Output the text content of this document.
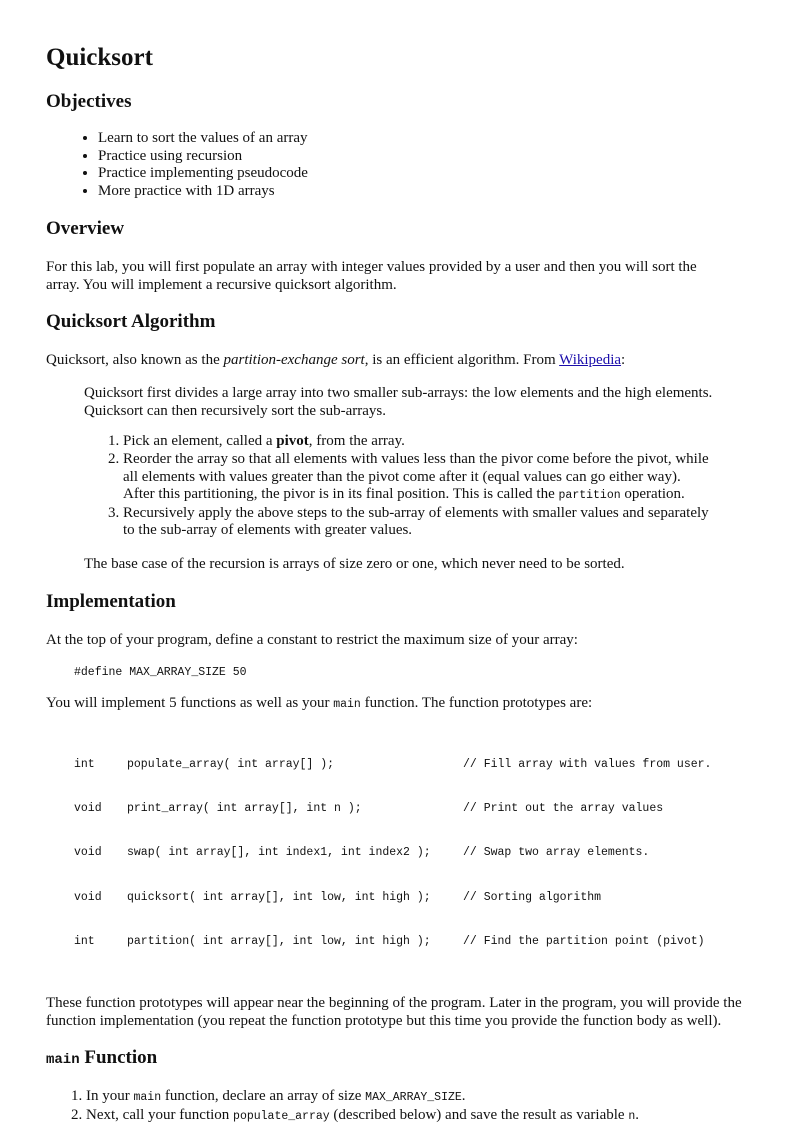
Quicksort
Objectives
• Learn to sort the values of an array
• Practice using recursion
• Practice implementing pseudocode
• More practice with 1D arrays
Overview

For this lab, you will first populate an array with integer values provided by a user and then you will sort the array. You will implement a recursive quicksort algorithm.

Quicksort Algorithm

Quicksort, also known as the partition-exchange sort, is an efficient algorithm. From Wikipedia:

Quicksort first divides a large array into two smaller sub-arrays: the low elements and the high elements. Quicksort can then recursively sort the sub-arrays.

1. Pick an element, called a pivot, from the array.
2. Reorder the array so that all elements with values less than the pivor come before the pivot, while all elements with values greater than the pivot come after it (equal values can go either way). After this partitioning, the pivor is in its final position. This is called the partition operation.
3. Recursively apply the above steps to the sub-array of elements with smaller values and separately to the sub-array of elements with greater values.

The base case of the recursion is arrays of size zero or one, which never need to be sorted.

Implementation

At the top of your program, define a constant to restrict the maximum size of your array:

#define MAX_ARRAY_SIZE 50

You will implement 5 functions as well as your main function. The function prototypes are:

int	populate_array( int array[] );	// Fill array with values from user.

void print_array( int array[], int n );	// Print out the array values

void swap( int array[], int index1, int index2 );	// Swap two array elements.

void quicksort( int array[], int low, int high );	// Sorting algorithm

int	partition( int array[], int low, int high );	// Find the partition point (pivot)

These function prototypes will appear near the beginning of the program. Later in the program, you will provide the function implementation (you repeat the function prototype but this time you provide the function body as well).

main Function
1. In your main function, declare an array of size MAX_ARRAY_SIZE.
2. Next, call your function populate_array (described below) and save the result as variable n.
